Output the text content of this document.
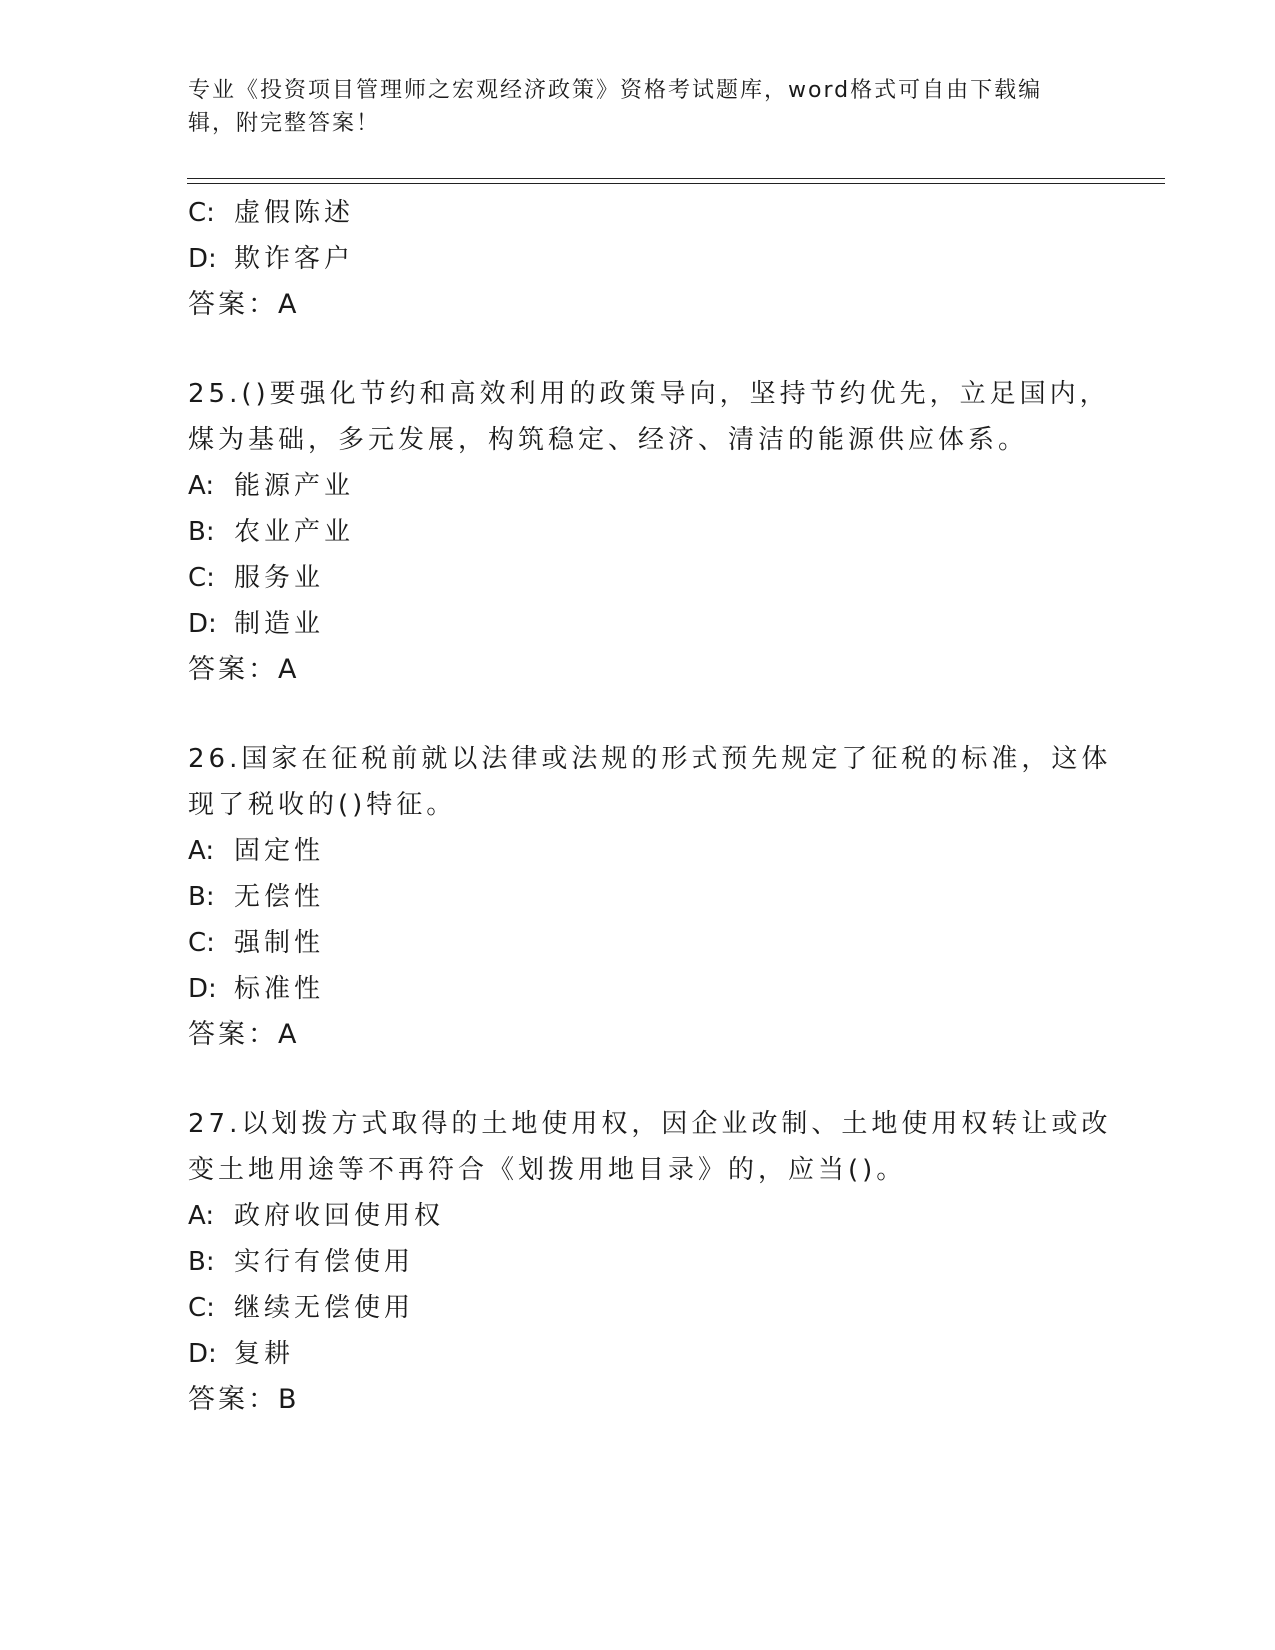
专业《投资项目管理师之宏观经济政策》资格考试题库，word格式可自由下载编
辑，附完整答案！
C: 虚假陈述
D: 欺诈客户
答案：A
25.()要强化节约和高效利用的政策导向，坚持节约优先，立足国内，
煤为基础，多元发展，构筑稳定、经济、清洁的能源供应体系。
A: 能源产业
B: 农业产业
C: 服务业
D: 制造业
答案：A
26.国家在征税前就以法律或法规的形式预先规定了征税的标准，这体
现了税收的()特征。
A: 固定性
B: 无偿性
C: 强制性
D: 标准性
答案：A
27.以划拨方式取得的土地使用权，因企业改制、土地使用权转让或改
变土地用途等不再符合《划拨用地目录》的，应当()。
A: 政府收回使用权
B: 实行有偿使用
C: 继续无偿使用
D: 复耕
答案：B
